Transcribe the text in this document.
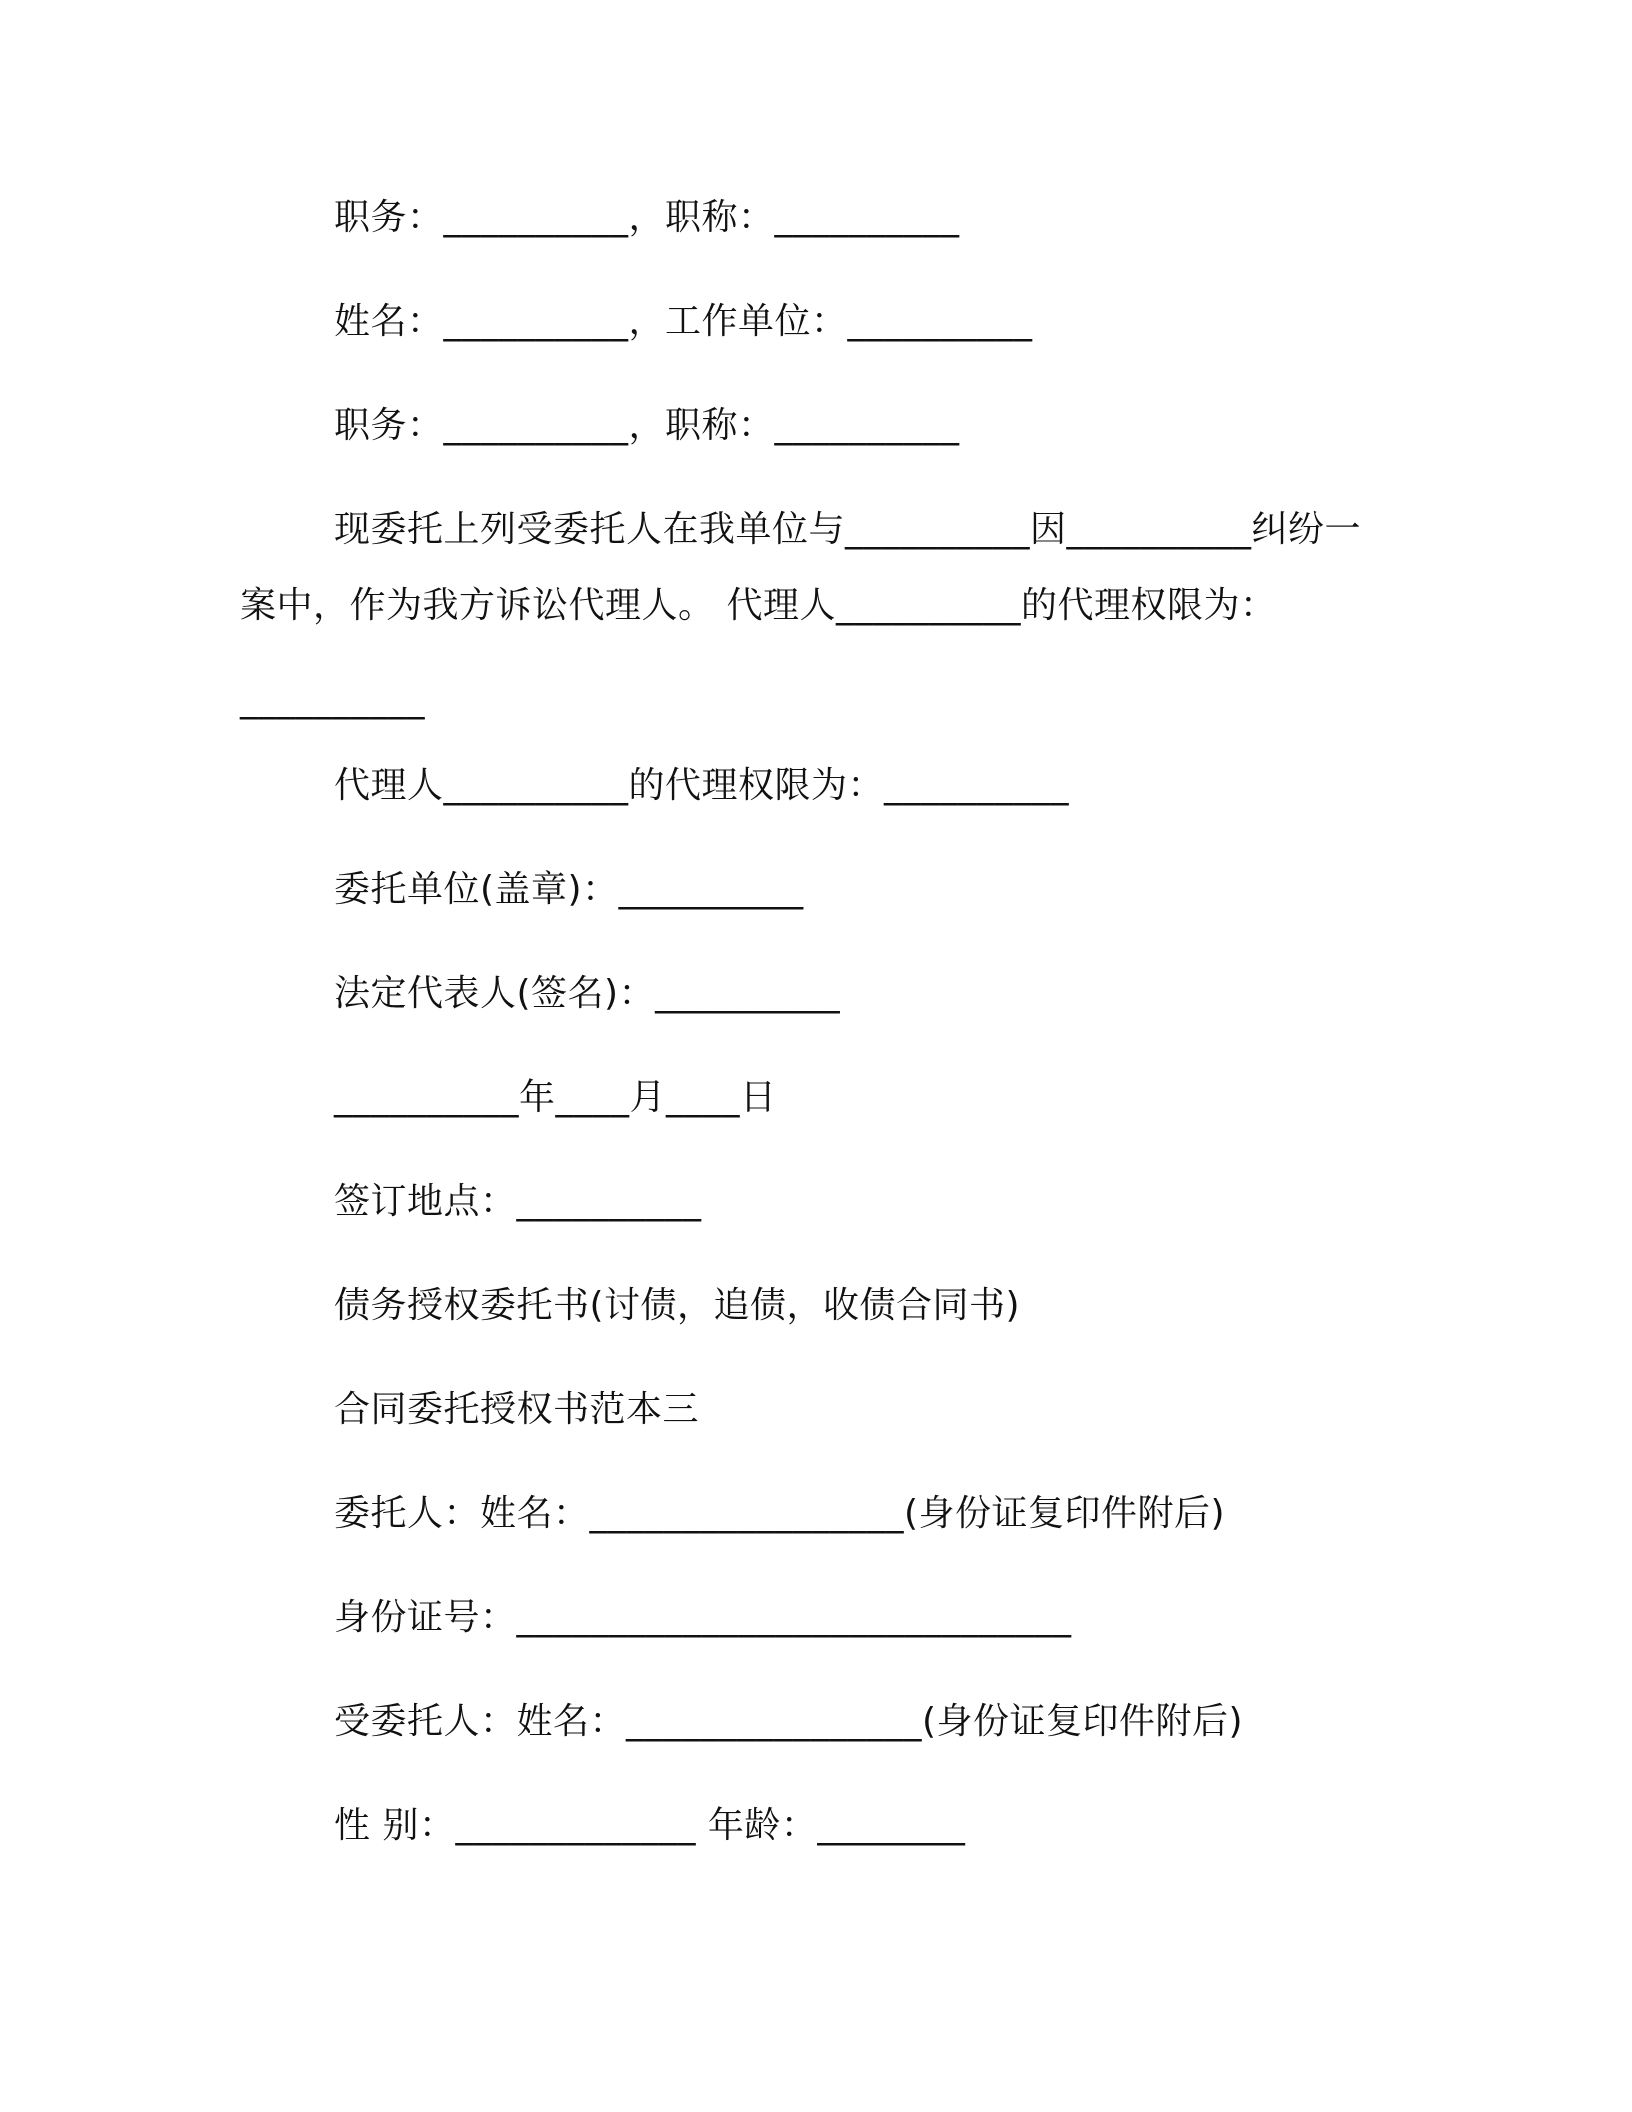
职务：__________，职称：__________
姓名：__________，工作单位：__________
职务：__________，职称：__________
现委托上列受委托人在我单位与__________因__________纠纷一
案中，作为我方诉讼代理人。 代理人__________的代理权限为：
__________
代理人__________的代理权限为：__________
委托单位(盖章)：__________
法定代表人(签名)：__________
__________年____月____日
签订地点：__________
债务授权委托书(讨债，追债，收债合同书)
合同委托授权书范本三
委托人：姓名：_________________(身份证复印件附后)
身份证号：______________________________
受委托人：姓名：________________(身份证复印件附后)
性 别：_____________ 年龄：________
